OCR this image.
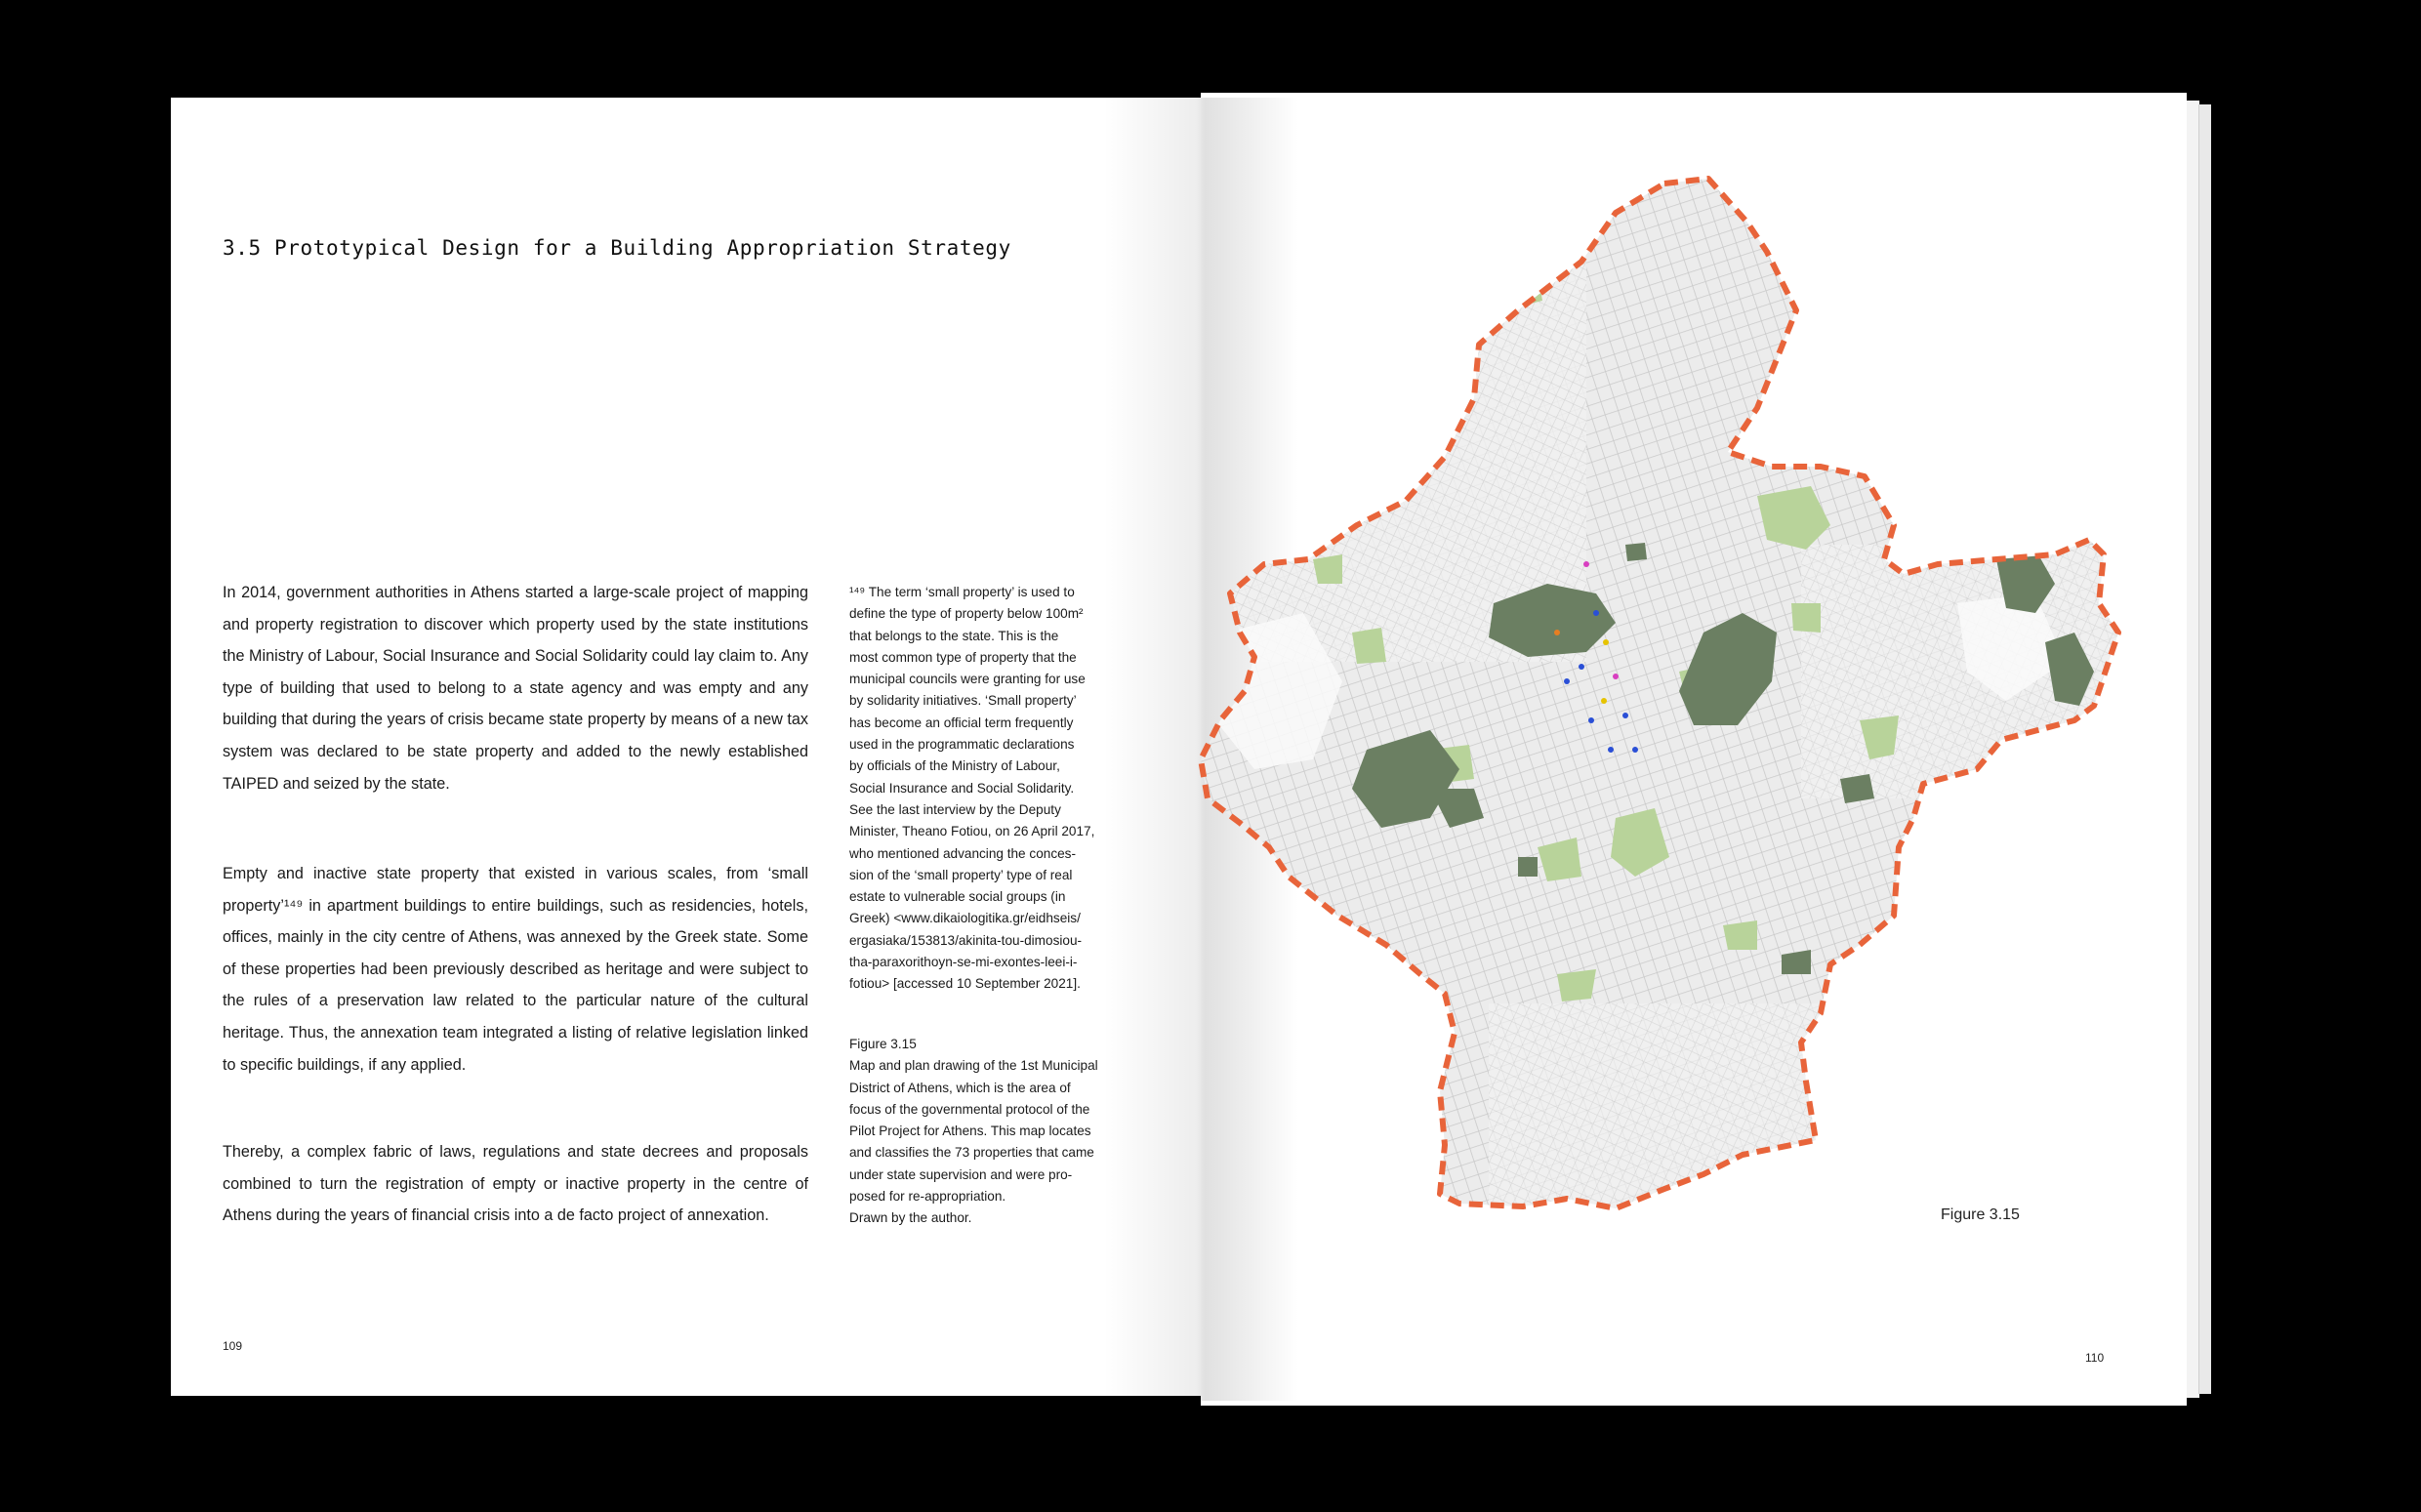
3.5 Prototypical Design for a Building Appropriation Strategy

In 2014, government authorities in Athens started a large-scale project of mapping and property registration to discover which property used by the state institutions the Ministry of Labour, Social Insurance and Social Solidarity could lay claim to. Any type of building that used to belong to a state agency and was empty and any building that during the years of crisis became state property by means of a new tax system was declared to be state property and added to the newly established TAIPED and seized by the state.

Empty and inactive state property that existed in various scales, from ‘small property’¹⁴⁹ in apartment buildings to entire buildings, such as residencies, hotels, offices, mainly in the city centre of Athens, was annexed by the Greek state. Some of these properties had been previously described as heritage and were subject to the rules of a preservation law related to the particular nature of the cultural heritage. Thus, the annexation team integrated a listing of relative legislation linked to specific buildings, if any applied.

Thereby, a complex fabric of laws, regulations and state decrees and proposals combined to turn the registration of empty or inactive property in the centre of Athens during the years of financial crisis into a de facto project of annexation.

¹⁴⁹ The term ‘small property’ is used to
define the type of property below 100m²
that belongs to the state. This is the
most common type of property that the
municipal councils were granting for use
by solidarity initiatives. ‘Small property’
has become an official term frequently
used in the programmatic declarations
by officials of the Ministry of Labour,
Social Insurance and Social Solidarity.
See the last interview by the Deputy
Minister, Theano Fotiou, on 26 April 2017,
who mentioned advancing the conces-
sion of the ‘small property’ type of real
estate to vulnerable social groups (in
Greek) <www.dikaiologitika.gr/eidhseis/
ergasiaka/153813/akinita-tou-dimosiou-
tha-paraxorithoyn-se-mi-exontes-leei-i-
fotiou> [accessed 10 September 2021].

Figure 3.15

Map and plan drawing of the 1st Municipal
District of Athens, which is the area of
focus of the governmental protocol of the
Pilot Project for Athens. This map locates
and classifies the 73 properties that came
under state supervision and were pro-
posed for re-appropriation.
Drawn by the author.

109
110
Figure 3.15
